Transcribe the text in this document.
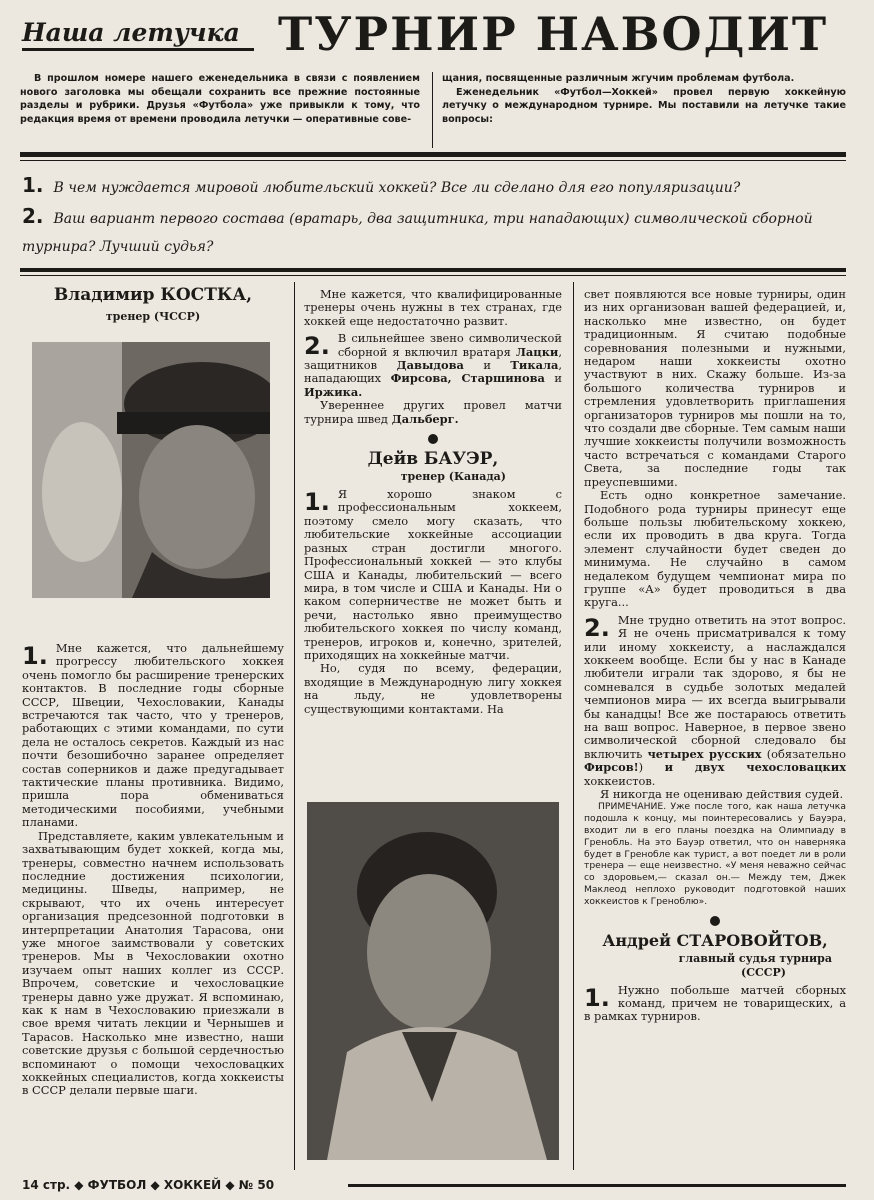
Наша летучка ТУРНИР НАВОДИТ

В прошлом номере нашего еженедельника в связи с появлением нового заголовка мы обещали сохранить все прежние постоянные разделы и рубрики. Друзья «Футбола» уже привыкли к тому, что редакция время от времени проводила летучки — оперативные сове-

щания, посвященные различным жгучим проблемам футбола.

Еженедельник «Футбол—Хоккей» провел первую хоккейную летучку о международном турнире. Мы поставили на летучке такие вопросы:

1. В чем нуждается мировой любительский хоккей? Все ли сделано для его популяризации?
2. Ваш вариант первого состава (вратарь, два защитника, три нападающих) символической сборной турнира? Лучший судья?
Владимир КОСТКА,
тренер (ЧССР)

1. Мне кажется, что дальнейшему прогрессу любительского хоккея очень помогло бы расширение тренерских контактов. В последние годы сборные СССР, Швеции, Чехословакии, Канады встречаются так часто, что у тренеров, работающих с этими командами, по сути дела не осталось секретов. Каждый из нас почти безошибочно заранее определяет состав соперников и даже предугадывает тактические планы противника. Видимо, пришла пора обмениваться методическими пособиями, учебными планами.

Представляете, каким увлекательным и захватывающим будет хоккей, когда мы, тренеры, совместно начнем использовать последние достижения психологии, медицины. Шведы, например, не скрывают, что их очень интересует организация предсезонной подготовки в интерпретации Анатолия Тарасова, они уже многое заимствовали у советских тренеров. Мы в Чехословакии охотно изучаем опыт наших коллег из СССР. Впрочем, советские и чехословацкие тренеры давно уже дружат. Я вспоминаю, как к нам в Чехословакию приезжали в свое время читать лекции и Чернышев и Тарасов. Насколько мне известно, наши советские друзья с большой сердечностью вспоминают о помощи чехословацких хоккейных специалистов, когда хоккеисты в СССР делали первые шаги.

Мне кажется, что квалифицированные тренеры очень нужны в тех странах, где хоккей еще недостаточно развит.

2. В сильнейшее звено символической сборной я включил вратаря Лацки, защитников Давыдова и Тикала, нападающих Фирсова, Старшинова и Иржика.

Увереннее других провел матчи турнира швед Дальберг.

Дейв БАУЭР,
тренер (Канада)

1. Я хорошо знаком с профессиональным хоккеем, поэтому смело могу сказать, что любительские хоккейные ассоциации разных стран достигли многого. Профессиональный хоккей — это клубы США и Канады, любительский — всего мира, в том числе и США и Канады. Ни о каком соперничестве не может быть и речи, настолько явно преимущество любительского хоккея по числу команд, тренеров, игроков и, конечно, зрителей, приходящих на хоккейные матчи.

Но, судя по всему, федерации, входящие в Международную лигу хоккея на льду, не удовлетворены существующими контактами. На

свет появляются все новые турниры, один из них организован вашей федерацией, и, насколько мне известно, он будет традиционным. Я считаю подобные соревнования полезными и нужными, недаром наши хоккеисты охотно участвуют в них. Скажу больше. Из-за большого количества турниров и стремления удовлетворить приглашения организаторов турниров мы пошли на то, что создали две сборные. Тем самым наши лучшие хоккеисты получили возможность часто встречаться с командами Старого Света, за последние годы так преуспевшими.

Есть одно конкретное замечание. Подобного рода турниры принесут еще больше пользы любительскому хоккею, если их проводить в два круга. Тогда элемент случайности будет сведен до минимума. Не случайно в самом недалеком будущем чемпионат мира по группе «А» будет проводиться в два круга...

2. Мне трудно ответить на этот вопрос. Я не очень присматривался к тому или иному хоккеисту, а наслаждался хоккеем вообще. Если бы у нас в Канаде любители играли так здорово, я бы не сомневался в судьбе золотых медалей чемпионов мира — их всегда выигрывали бы канадцы! Все же постараюсь ответить на ваш вопрос. Наверное, в первое звено символической сборной следовало бы включить четырех русских (обязательно Фирсов!) и двух чехословацких хоккеистов.

Я никогда не оцениваю действия судей.

ПРИМЕЧАНИЕ. Уже после того, как наша летучка подошла к концу, мы поинтересовались у Бауэра, входит ли в его планы поездка на Олимпиаду в Гренобль. На это Бауэр ответил, что он наверняка будет в Гренобле как турист, а вот поедет ли в роли тренера — еще неизвестно. «У меня неважно сейчас со здоровьем,— сказал он.— Между тем, Джек Маклеод неплохо руководит подготовкой наших хоккеистов к Греноблю».

Андрей СТАРОВОЙТОВ,
главный судья турнира
(СССР)

1. Нужно побольше матчей сборных команд, причем не товарищеских, а в рамках турниров.

14 стр. ◆ ФУТБОЛ ◆ ХОККЕЙ ◆ № 50
